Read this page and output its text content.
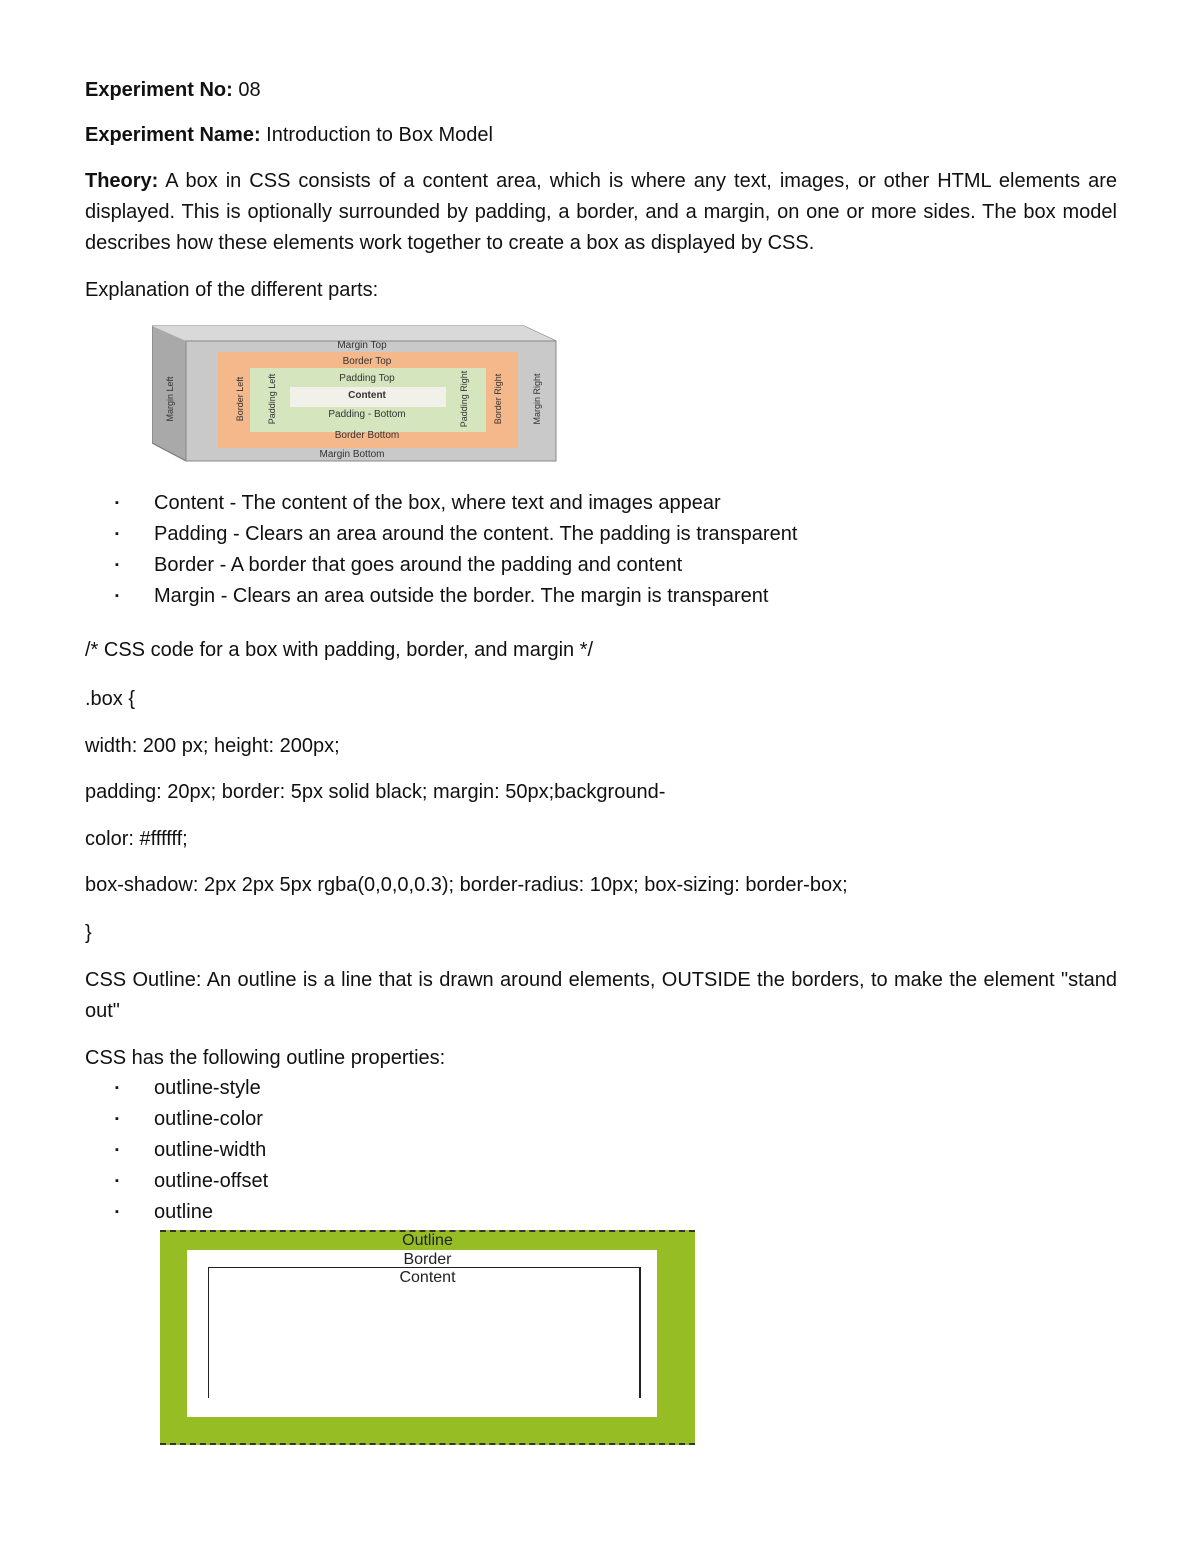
Experiment No: 08
Experiment Name: Introduction to Box Model
Theory: A box in CSS consists of a content area, which is where any text, images, or other HTML elements are displayed. This is optionally surrounded by padding, a border, and a margin, on one or more sides. The box model describes how these elements work together to create a box as displayed by CSS.
Explanation of the different parts:
Margin Top
Border Top
Padding Top
Content
Padding - Bottom
Border Bottom
Margin Bottom
Margin Left	Border Left Padding Left	Padding Right	Border Right	Margin Right
▪ Content - The content of the box, where text and images appear
▪ Padding - Clears an area around the content. The padding is transparent
▪ Border - A border that goes around the padding and content
▪ Margin - Clears an area outside the border. The margin is transparent
/* CSS code for a box with padding, border, and margin */
.box {
width: 200 px; height: 200px;
padding: 20px; border: 5px solid black; margin: 50px;background-
color: #ffffff;
box-shadow: 2px 2px 5px rgba(0,0,0,0.3); border-radius: 10px; box-sizing: border-box;
}
CSS Outline: An outline is a line that is drawn around elements, OUTSIDE the borders, to make the element "stand out"
CSS has the following outline properties:
▪ outline-style
▪ outline-color
▪ outline-width
▪ outline-offset
▪ outline
Outline
Border
Content
